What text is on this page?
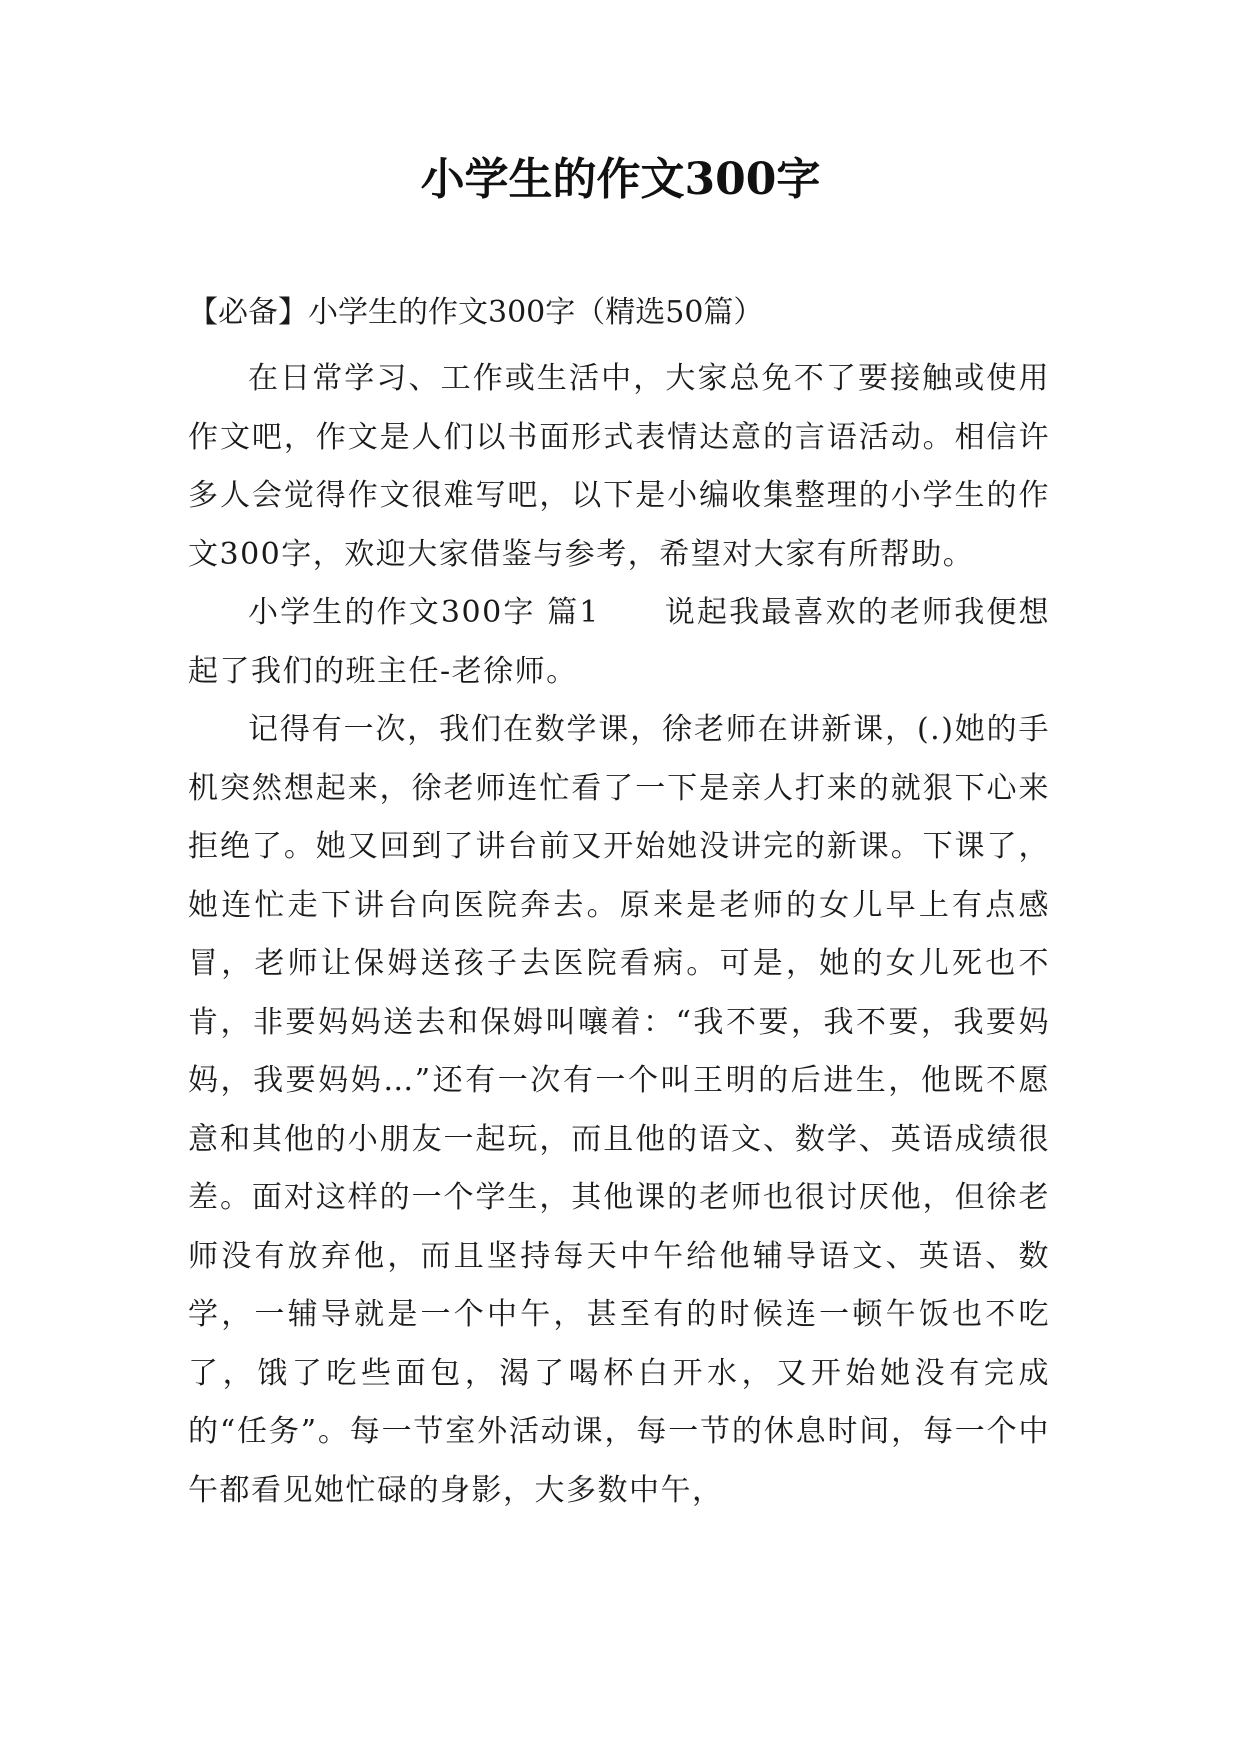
小学生的作文300字

【必备】小学生的作文300字（精选50篇）

在日常学习、工作或生活中，大家总免不了要接触或使用作文吧，作文是人们以书面形式表情达意的言语活动。相信许多人会觉得作文很难写吧，以下是小编收集整理的小学生的作文300字，欢迎大家借鉴与参考，希望对大家有所帮助。

小学生的作文300字 篇1　　说起我最喜欢的老师我便想起了我们的班主任-老徐师。

记得有一次，我们在数学课，徐老师在讲新课，(.)她的手机突然想起来，徐老师连忙看了一下是亲人打来的就狠下心来拒绝了。她又回到了讲台前又开始她没讲完的新课。下课了，她连忙走下讲台向医院奔去。原来是老师的女儿早上有点感冒，老师让保姆送孩子去医院看病。可是，她的女儿死也不肯，非要妈妈送去和保姆叫嚷着：“我不要，我不要，我要妈妈，我要妈妈…”还有一次有一个叫王明的后进生，他既不愿意和其他的小朋友一起玩，而且他的语文、数学、英语成绩很差。面对这样的一个学生，其他课的老师也很讨厌他，但徐老师没有放弃他，而且坚持每天中午给他辅导语文、英语、数学，一辅导就是一个中午，甚至有的时候连一顿午饭也不吃了，饿了吃些面包，渴了喝杯白开水，又开始她没有完成的“任务”。每一节室外活动课，每一节的休息时间，每一个中午都看见她忙碌的身影，大多数中午，
